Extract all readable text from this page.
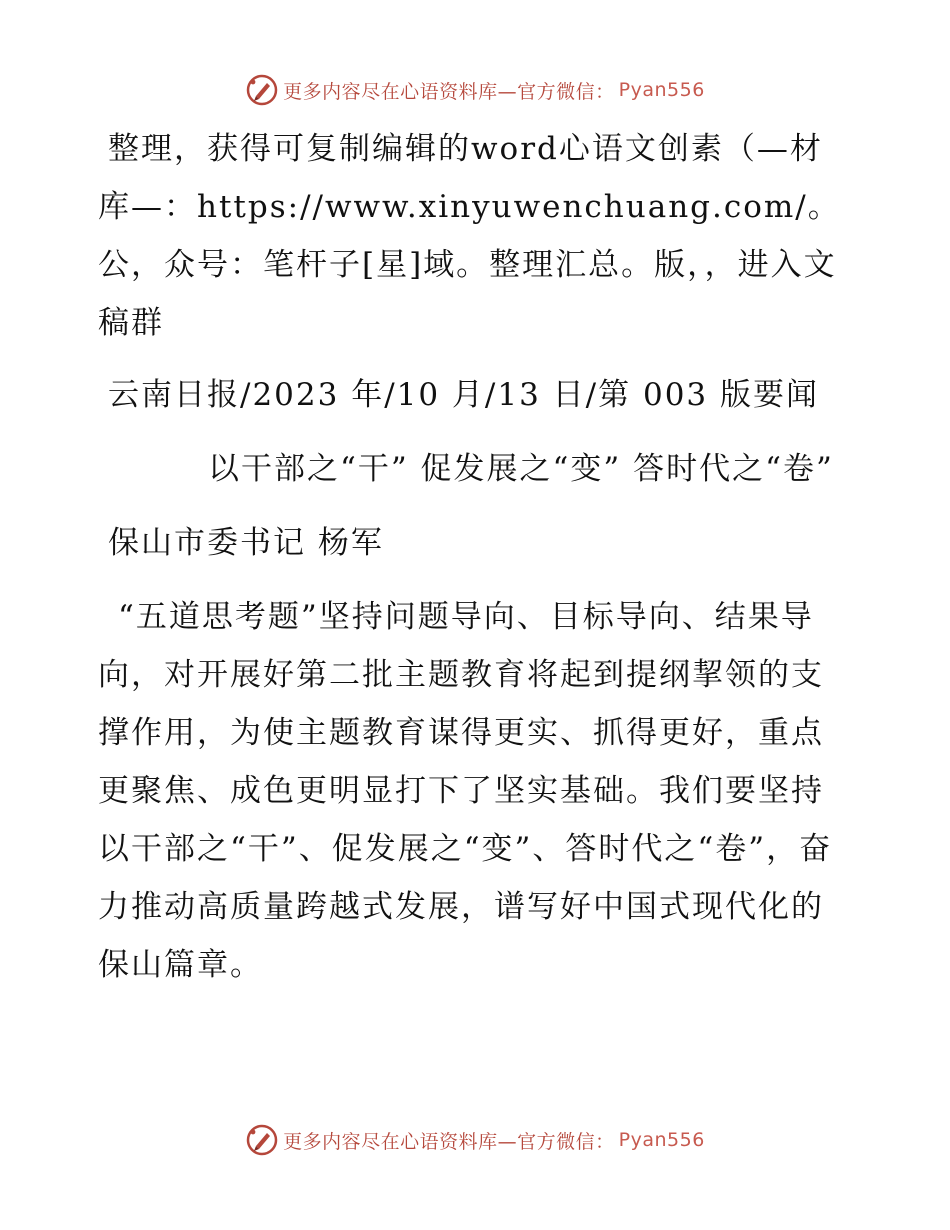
更多内容尽在心语资料库—官方微信： Pyan556

整理，获得可复制编辑的word心语文创素（—材库—：https://www.xinyuwenchuang.com/。公，众号：笔杆子[星]域。整理汇总。版，，进入文稿群

云南日报/2023 年/10 月/13 日/第 003 版要闻

以干部之“干” 促发展之“变” 答时代之“卷”

保山市委书记 杨军

“五道思考题”坚持问题导向、目标导向、结果导向，对开展好第二批主题教育将起到提纲挈领的支撑作用，为使主题教育谋得更实、抓得更好，重点更聚焦、成色更明显打下了坚实基础。我们要坚持以干部之“干”、促发展之“变”、答时代之“卷”，奋力推动高质量跨越式发展，谱写好中国式现代化的保山篇章。

更多内容尽在心语资料库—官方微信： Pyan556
